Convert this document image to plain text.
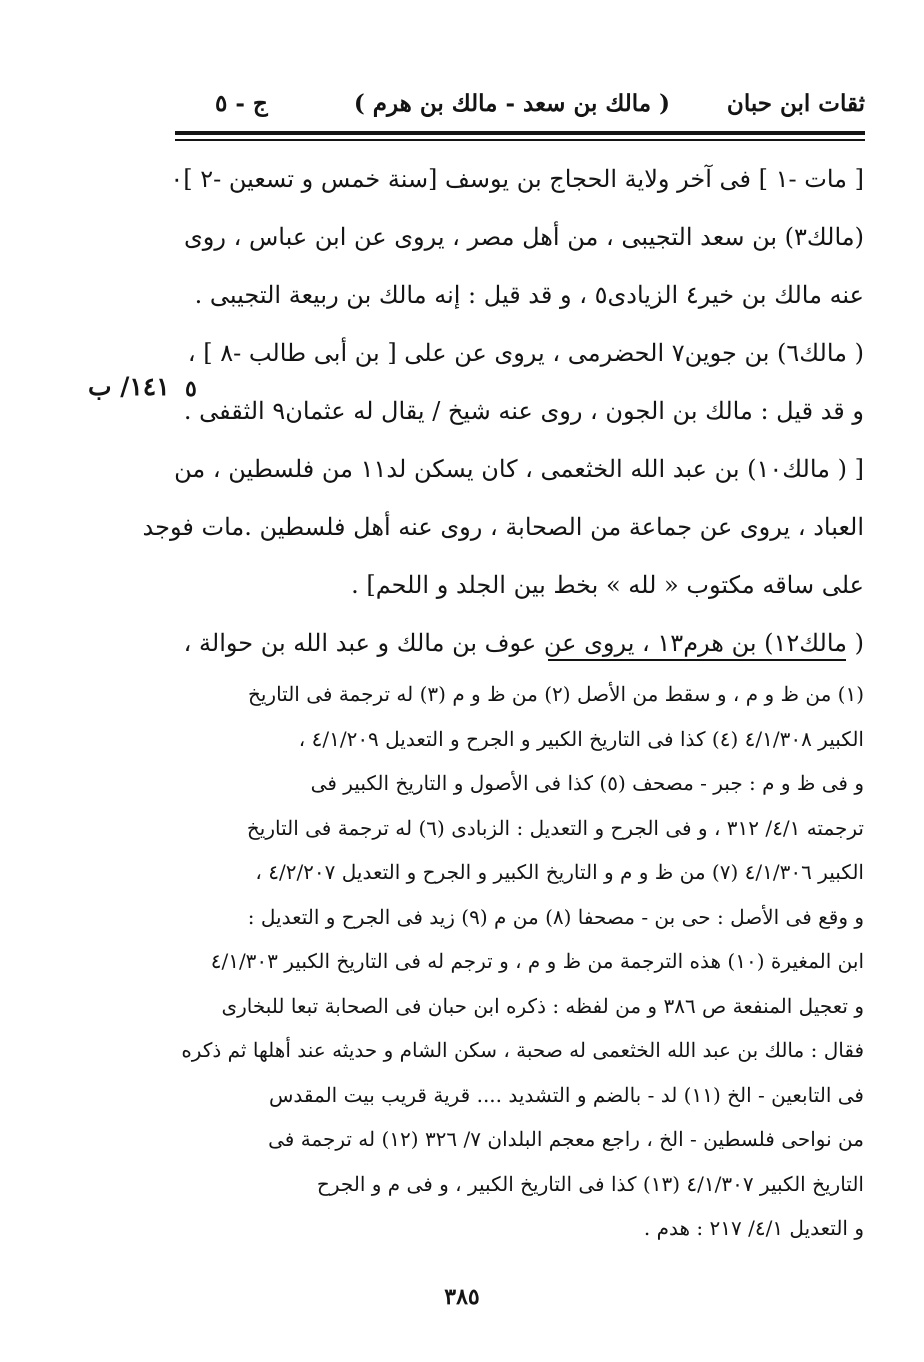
ثقات ابن حبان
( مالك بن سعد - مالك بن هرم )
ج - ٥
[ مات -١ ] فى آخر ولاية الحجاج بن يوسف [سنة خمس و تسعين -٢ ]٠
(مالك٣) بن سعد التجيبى ، من أهل مصر ، يروى عن ابن عباس ، روى
عنه مالك بن خير٤ الزيادى٥ ، و قد قيل : إنه مالك بن ربيعة التجيبى .
( مالك٦) بن جوين٧ الحضرمى ، يروى عن على [ بن أبى طالب -٨ ] ،
و قد قيل : مالك بن الجون ، روى عنه شيخ / يقال له عثمان٩ الثقفى .
[ ( مالك١٠) بن عبد الله الخثعمى ، كان يسكن لد١١ من فلسطين ، من
العباد ، يروى عن جماعة من الصحابة ، روى عنه أهل فلسطين .مات فوجد
على ساقه مكتوب « لله » بخط بين الجلد و اللحم] .
( مالك١٢) بن هرم١٣ ، يروى عن عوف بن مالك و عبد الله بن حوالة ،
١٤١/ ب ٥
(١) من ظ و م ، و سقط من الأصل (٢) من ظ و م (٣) له ترجمة فى التاريخ
الكبير ٤/١/٣٠٨ (٤) كذا فى التاريخ الكبير و الجرح و التعديل ٤/١/٢٠٩ ،
و فى ظ و م : جبر - مصحف (٥) كذا فى الأصول و التاريخ الكبير فى
ترجمته ٤/١/ ٣١٢ ، و فى الجرح و التعديل : الزبادى (٦) له ترجمة فى التاريخ
الكبير ٤/١/٣٠٦ (٧) من ظ و م و التاريخ الكبير و الجرح و التعديل ٤/٢/٢٠٧ ،
و وقع فى الأصل : حى بن - مصحفا (٨) من م (٩) زيد فى الجرح و التعديل :
ابن المغيرة (١٠) هذه الترجمة من ظ و م ، و ترجم له فى التاريخ الكبير ٤/١/٣٠٣
و تعجيل المنفعة ص ٣٨٦ و من لفظه : ذكره ابن حبان فى الصحابة تبعا للبخارى
فقال : مالك بن عبد الله الخثعمى له صحبة ، سكن الشام و حديثه عند أهلها ثم ذكره
فى التابعين - الخ (١١) لد - بالضم و التشديد .... قرية قريب بيت المقدس
من نواحى فلسطين - الخ ، راجع معجم البلدان ٧/ ٣٢٦ (١٢) له ترجمة فى
التاريخ الكبير ٤/١/٣٠٧ (١٣) كذا فى التاريخ الكبير ، و فى م و الجرح
و التعديل ٤/١/ ٢١٧ : هدم .
٣٨٥
